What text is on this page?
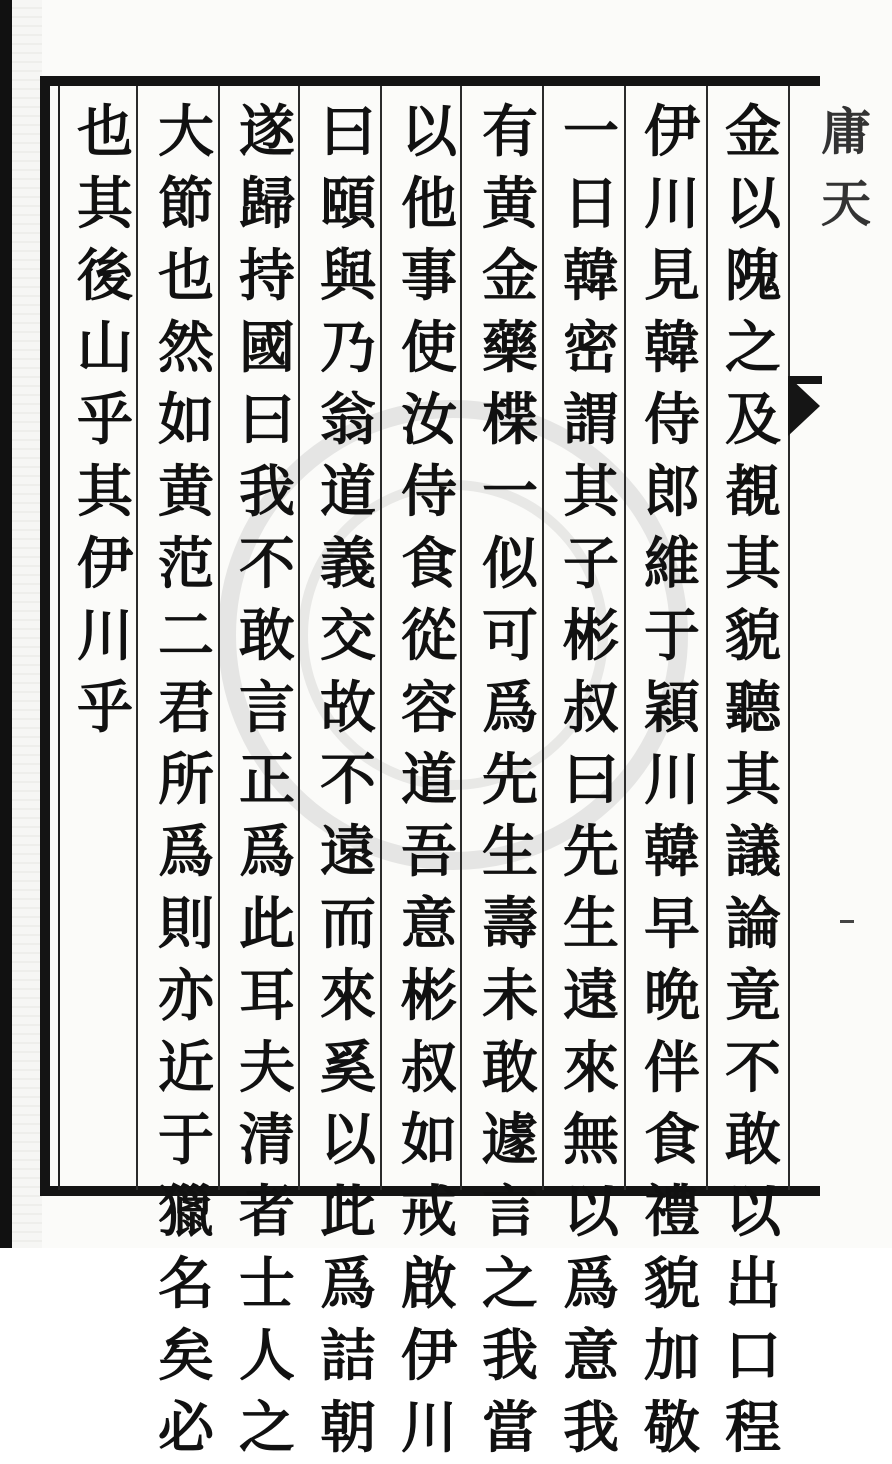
庸
天
金
以
隗
之
及
覩
其
貌
聽
其
議
論
竟
不
敢
以
出
口
程
伊
川
見
韓
侍
郎
維
于
穎
川
韓
早
晩
伴
食
禮
貌
加
敬
一
日
韓
密
謂
其
子
彬
叔
曰
先
生
遠
來
無
以
爲
意
我
有
黄
金
藥
楪
一
似
可
爲
先
生
壽
未
敢
遽
言
之
我
當
以
他
事
使
汝
侍
食
從
容
道
吾
意
彬
叔
如
戒
啟
伊
川
曰
頤
與
乃
翁
道
義
交
故
不
遠
而
來
奚
以
此
爲
詰
朝
遂
歸
持
國
曰
我
不
敢
言
正
爲
此
耳
夫
清
者
士
人
之
大
節
也
然
如
黄
范
二
君
所
爲
則
亦
近
于
獵
名
矣
必
也
其
後
山
乎
其
伊
川
乎
